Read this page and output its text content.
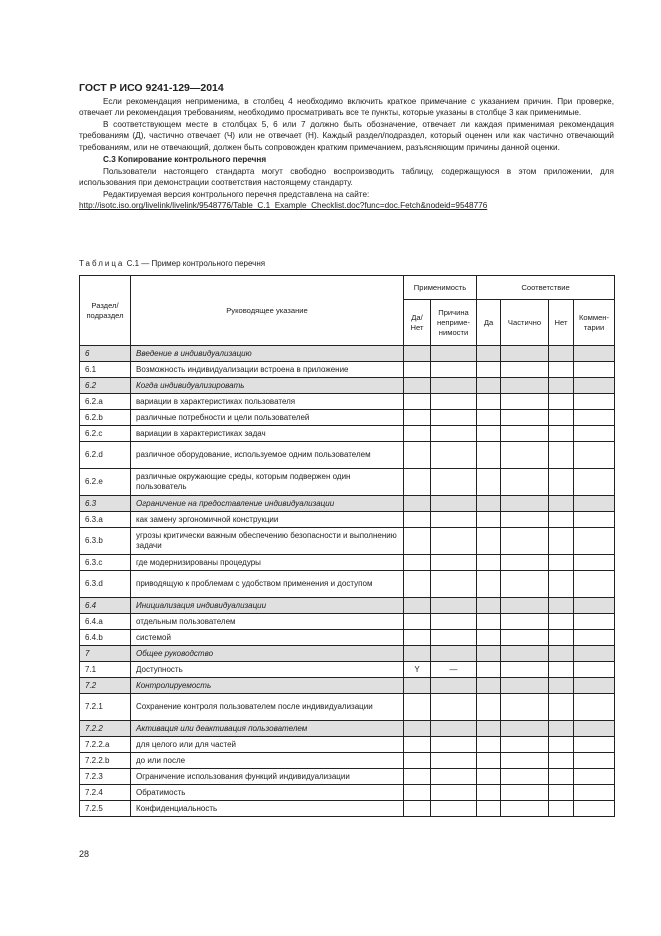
ГОСТ Р ИСО 9241-129—2014

Если рекомендация неприменима, в столбец 4 необходимо включить краткое примечание с указанием причин. При проверке, отвечает ли рекомендация требованиям, необходимо просматривать все те пункты, которые указаны в столбце 3 как применимые.

В соответствующем месте в столбцах 5, 6 или 7 должно быть обозначение, отвечает ли каждая применимая рекомендация требованиям (Д), частично отвечает (Ч) или не отвечает (Н). Каждый раздел/подраздел, который оценен или как частично отвечающий требованиям, или не отвечающий, должен быть сопровожден кратким примечанием, разъясняющим причины данной оценки.

С.3 Копирование контрольного перечня

Пользователи настоящего стандарта могут свободно воспроизводить таблицу, содержащуюся в этом приложении, для использования при демонстрации соответствия настоящему стандарту.

Редактируемая версия контрольного перечня представлена на сайте:

http://isotc.iso.org/livelink/livelink/9548776/Table_C.1_Example_Checklist.doc?func=doc.Fetch&nodeid=9548776
Таблица С.1 — Пример контрольного перечня
Раздел/ подраздел	Руководящее указание	Применимость		Соответствие			
		Да/ Нет	Причина непримe- нимости	Да	Частично	Нет	Коммен- тарии
6	Введение в индивидуализацию						
6.1	Возможность индивидуализации встроена в приложение						
6.2	Когда индивидуализировать						
6.2.a	вариации в характеристиках пользователя						
6.2.b	различные потребности и цели пользователей						
6.2.c	вариации в характеристиках задач						
6.2.d	различное оборудование, используемое одним пользователем						
6.2.e	различные окружающие среды, которым подвержен один пользователь						
6.3	Ограничение на предоставление индивидуализации						
6.3.a	как замену эргономичной конструкции						
6.3.b	угрозы критически важным обеспечению безопасности и выполнению задачи						
6.3.c	где модернизированы процедуры						
6.3.d	приводящую к проблемам с удобством применения и доступом						
6.4	Инициализация индивидуализации						
6.4.a	отдельным пользователем						
6.4.b	системой						
7	Общее руководство						
7.1	Доступность	Y	—				
7.2	Контролируемость						
7.2.1	Сохранение контроля пользователем после индивидуализации						
7.2.2	Активация или деактивация пользователем						
7.2.2.a	для целого или для частей						
7.2.2.b	до или после						
7.2.3	Ограничение использования функций индивидуализации						
7.2.4	Обратимость						
7.2.5	Конфиденциальность						
28
